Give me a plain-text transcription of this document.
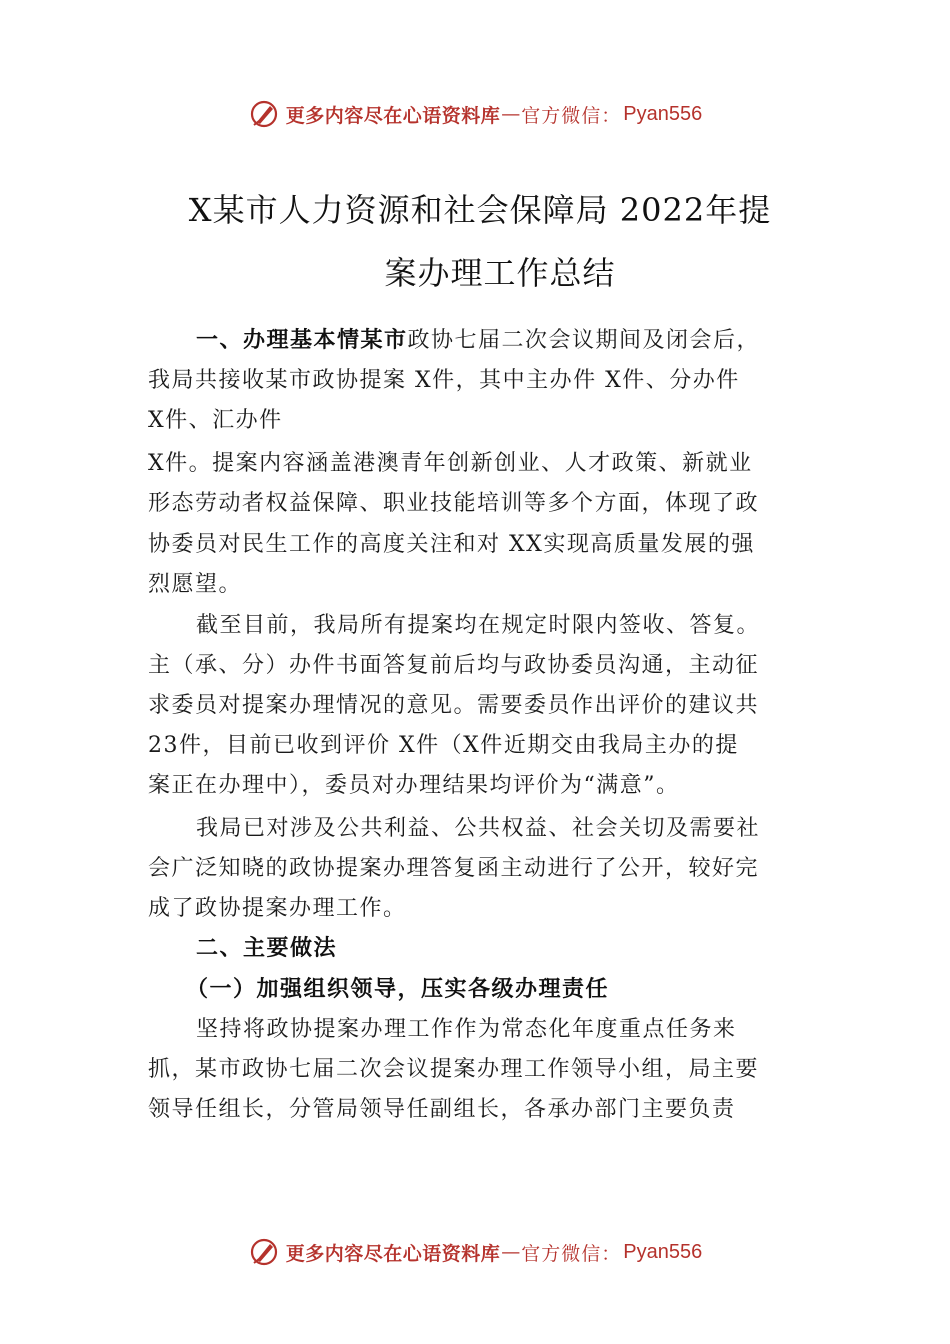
更多内容尽在心语资料库 — 官方微信： Pyan556
X某市人力资源和社会保障局 2022年提
案办理工作总结
一、办理基本情某市政协七届二次会议期间及闭会后，
我局共接收某市政协提案 X件，其中主办件 X件、分办件
X件、汇办件
X件。提案内容涵盖港澳青年创新创业、人才政策、新就业
形态劳动者权益保障、职业技能培训等多个方面，体现了政
协委员对民生工作的高度关注和对 XX实现高质量发展的强
烈愿望。
截至目前，我局所有提案均在规定时限内签收、答复。
主（承、分）办件书面答复前后均与政协委员沟通，主动征
求委员对提案办理情况的意见。需要委员作出评价的建议共
23件，目前已收到评价 X件（X件近期交由我局主办的提
案正在办理中），委员对办理结果均评价为“满意”。
我局已对涉及公共利益、公共权益、社会关切及需要社
会广泛知晓的政协提案办理答复函主动进行了公开，较好完
成了政协提案办理工作。
二、主要做法
（一）加强组织领导，压实各级办理责任
坚持将政协提案办理工作作为常态化年度重点任务来
抓，某市政协七届二次会议提案办理工作领导小组，局主要
领导任组长，分管局领导任副组长，各承办部门主要负责
更多内容尽在心语资料库 — 官方微信： Pyan556
